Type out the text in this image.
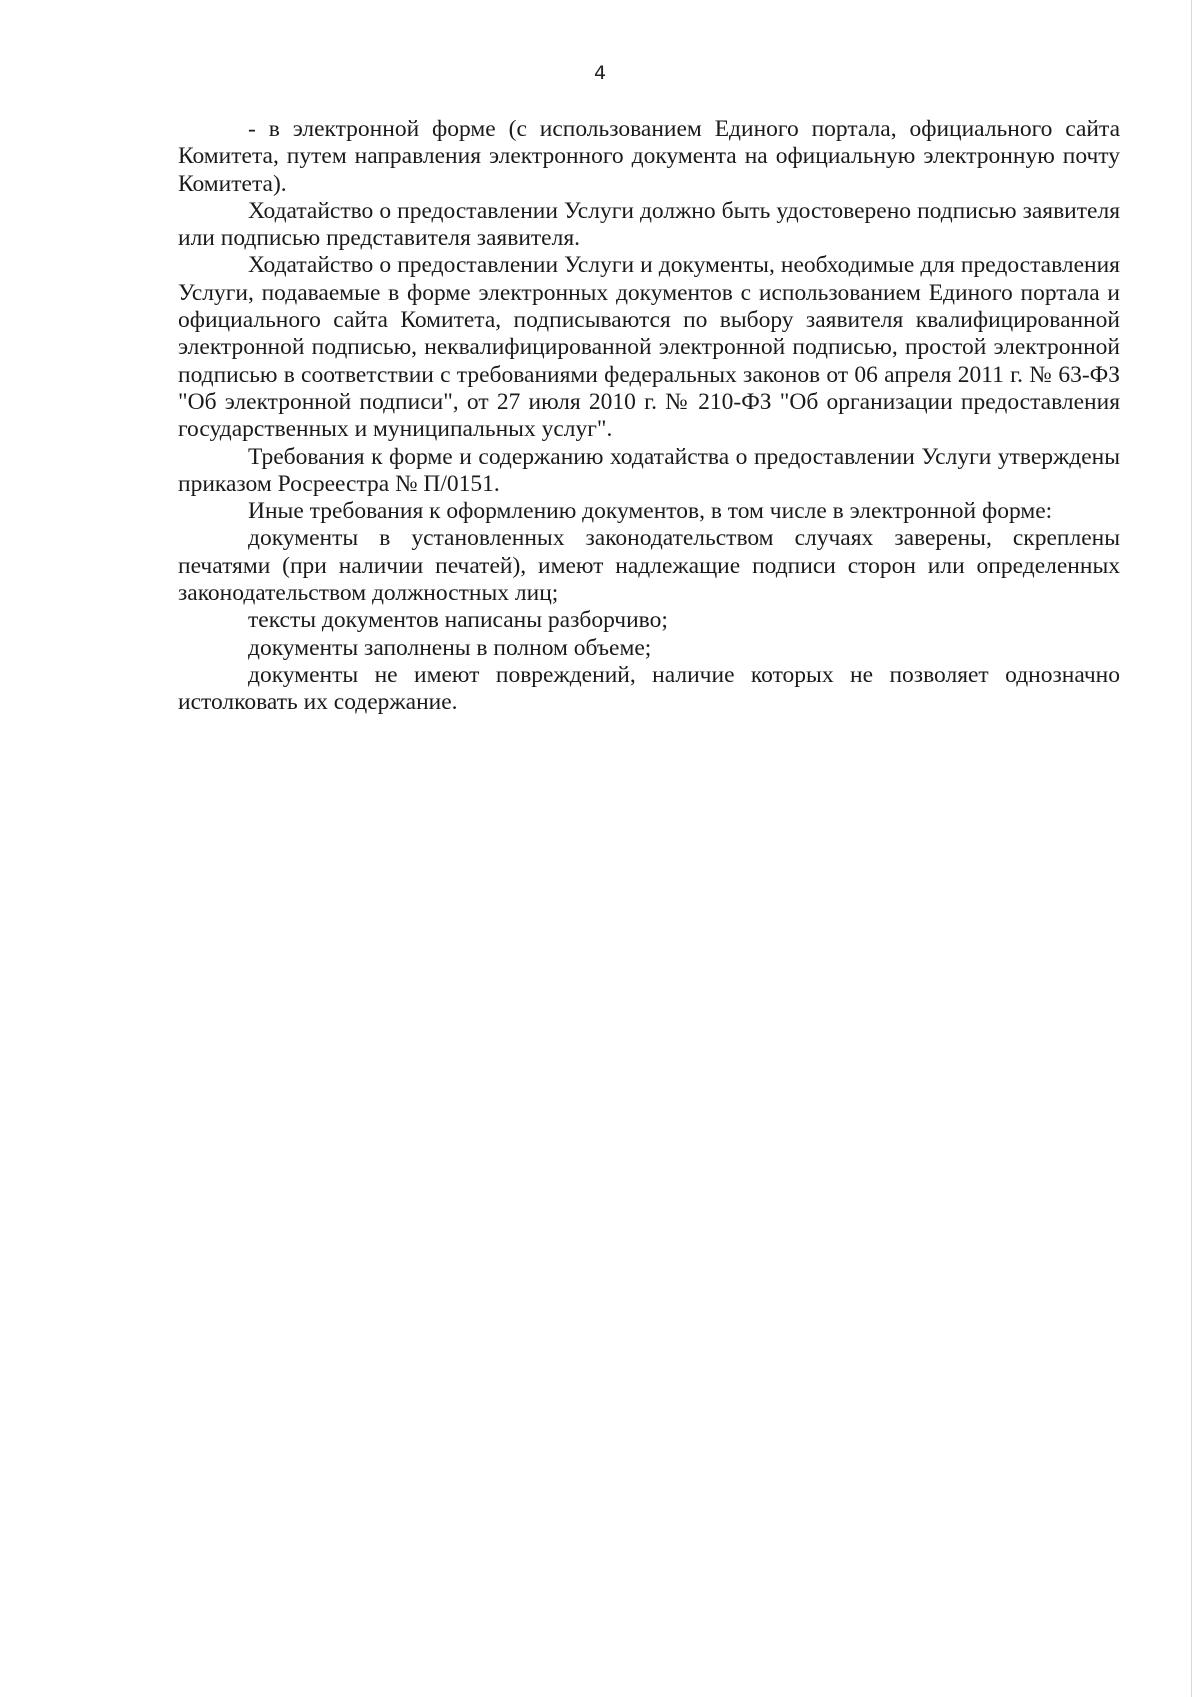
4

- в электронной форме (с использованием Единого портала, официального сайта Комитета, путем направления электронного документа на официальную электронную почту Комитета).

Ходатайство о предоставлении Услуги должно быть удостоверено подписью заявителя или подписью представителя заявителя.

Ходатайство о предоставлении Услуги и документы, необходимые для предоставления Услуги, подаваемые в форме электронных документов с использованием Единого портала и официального сайта Комитета, подписываются по выбору заявителя квалифицированной электронной подписью, неквалифицированной электронной подписью, простой электронной подписью в соответствии с требованиями федеральных законов от 06 апреля 2011 г. № 63-ФЗ "Об электронной подписи", от 27 июля 2010 г. № 210-ФЗ "Об организации предоставления государственных и муниципальных услуг".

Требования к форме и содержанию ходатайства о предоставлении Услуги утверждены приказом Росреестра № П/0151.

Иные требования к оформлению документов, в том числе в электронной форме:

документы в установленных законодательством случаях заверены, скреплены печатями (при наличии печатей), имеют надлежащие подписи сторон или определенных законодательством должностных лиц;

тексты документов написаны разборчиво;

документы заполнены в полном объеме;

документы не имеют повреждений, наличие которых не позволяет однозначно истолковать их содержание.
